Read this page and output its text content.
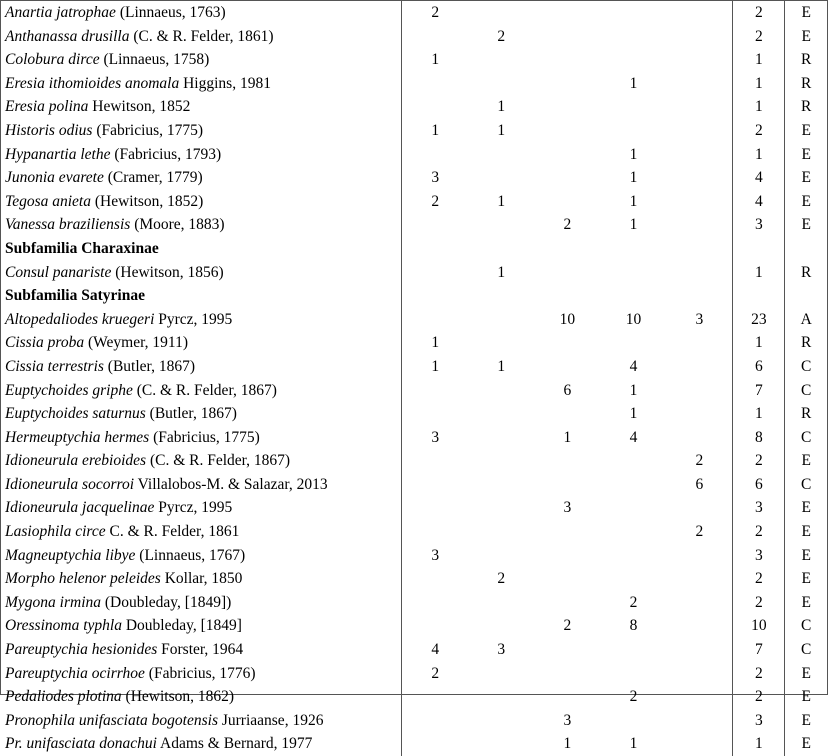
Anartia jatrophae (Linnaeus, 1763)	2					2	E
Anthanassa drusilla (C. & R. Felder, 1861)		2				2	E
Colobura dirce (Linnaeus, 1758)	1					1	R
Eresia ithomioides anomala Higgins, 1981				1		1	R
Eresia polina Hewitson, 1852		1				1	R
Historis odius (Fabricius, 1775)	1	1				2	E
Hypanartia lethe (Fabricius, 1793)				1		1	E
Junonia evarete (Cramer, 1779)	3			1		4	E
Tegosa anieta (Hewitson, 1852)	2	1		1		4	E
Vanessa braziliensis (Moore, 1883)			2	1		3	E
Subfamilia Charaxinae							
Consul panariste (Hewitson, 1856)		1				1	R
Subfamilia Satyrinae							
Altopedaliodes kruegeri Pyrcz, 1995			10	10	3	23	A
Cissia proba (Weymer, 1911)	1					1	R
Cissia terrestris (Butler, 1867)	1	1		4		6	C
Euptychoides griphe (C. & R. Felder, 1867)			6	1		7	C
Euptychoides saturnus (Butler, 1867)				1		1	R
Hermeuptychia hermes (Fabricius, 1775)	3		1	4		8	C
Idioneurula erebioides (C. & R. Felder, 1867)					2	2	E
Idioneurula socorroi Villalobos-M. & Salazar, 2013					6	6	C
Idioneurula jacquelinae Pyrcz, 1995			3			3	E
Lasiophila circe C. & R. Felder, 1861					2	2	E
Magneuptychia libye (Linnaeus, 1767)	3					3	E
Morpho helenor peleides Kollar, 1850		2				2	E
Mygona irmina (Doubleday, [1849])				2		2	E
Oressinoma typhla Doubleday, [1849]			2	8		10	C
Pareuptychia hesionides Forster, 1964	4	3				7	C
Pareuptychia ocirrhoe (Fabricius, 1776)	2					2	E
Pedaliodes plotina (Hewitson, 1862)				2		2	E
Pronophila unifasciata bogotensis Jurriaanse, 1926			3			3	E
Pr. unifasciata donachui Adams & Bernard, 1977			1	1		1	E
